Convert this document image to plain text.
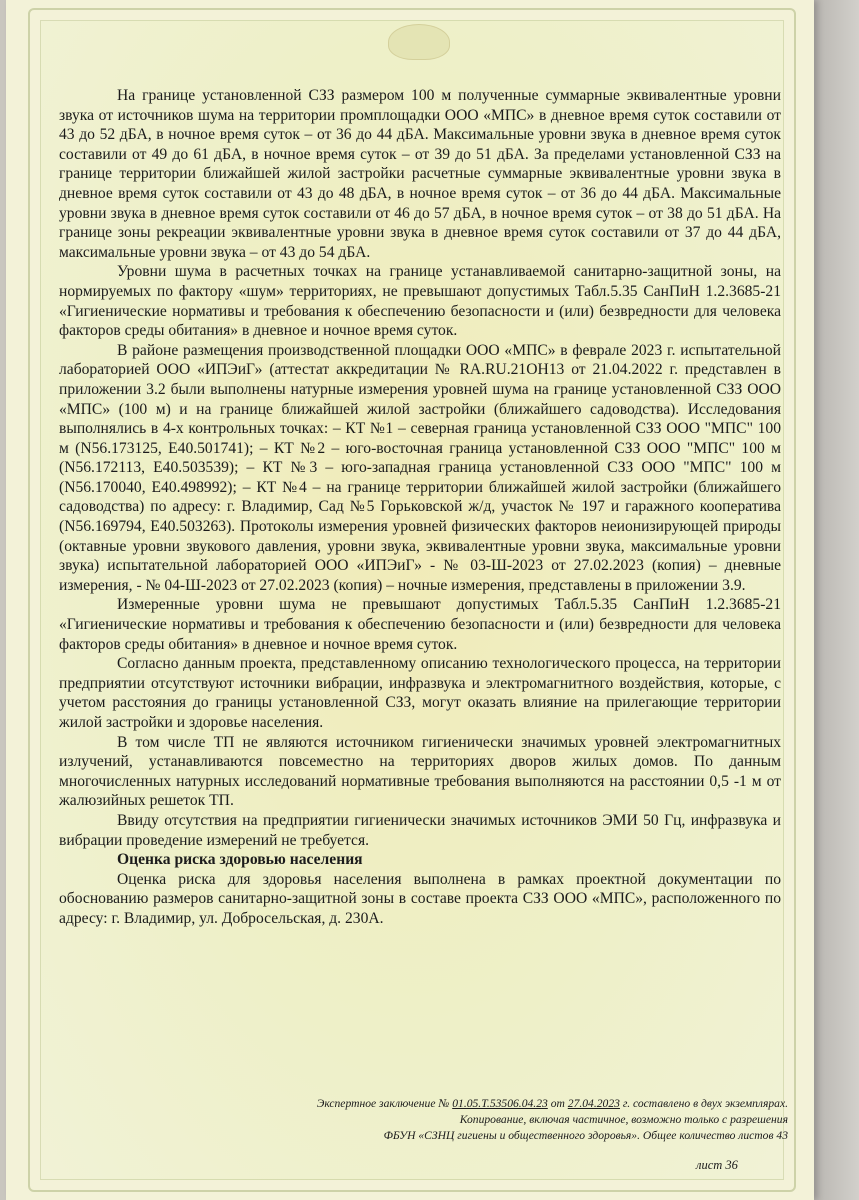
На границе установленной СЗЗ размером 100 м полученные суммарные эквивалентные уровни звука от источников шума на территории промплощадки ООО «МПС» в дневное время суток составили от 43 до 52 дБА, в ночное время суток – от 36 до 44 дБА. Максимальные уровни звука в дневное время суток составили от 49 до 61 дБА, в ночное время суток – от 39 до 51 дБА. За пределами установленной СЗЗ на границе территории ближайшей жилой застройки расчетные суммарные эквивалентные уровни звука в дневное время суток составили от 43 до 48 дБА, в ночное время суток – от 36 до 44 дБА. Максимальные уровни звука в дневное время суток составили от 46 до 57 дБА, в ночное время суток – от 38 до 51 дБА. На границе зоны рекреации эквивалентные уровни звука в дневное время суток составили от 37 до 44 дБА, максимальные уровни звука – от 43 до 54 дБА.

Уровни шума в расчетных точках на границе устанавливаемой санитарно-защитной зоны, на нормируемых по фактору «шум» территориях, не превышают допустимых Табл.5.35 СанПиН 1.2.3685-21 «Гигиенические нормативы и требования к обеспечению безопасности и (или) безвредности для человека факторов среды обитания» в дневное и ночное время суток.

В районе размещения производственной площадки ООО «МПС» в феврале 2023 г. испытательной лабораторией ООО «ИПЭиГ» (аттестат аккредитации № RA.RU.21ОН13 от 21.04.2022 г. представлен в приложении 3.2 были выполнены натурные измерения уровней шума на границе установленной СЗЗ ООО «МПС» (100 м) и на границе ближайшей жилой застройки (ближайшего садоводства). Исследования выполнялись в 4-х контрольных точках: – КТ №1 – северная граница установленной СЗЗ ООО "МПС" 100 м (N56.173125, E40.501741); – КТ №2 – юго-восточная граница установленной СЗЗ ООО "МПС" 100 м (N56.172113, E40.503539); – КТ №3 – юго-западная граница установленной СЗЗ ООО "МПС" 100 м (N56.170040, E40.498992); – КТ №4 – на границе территории ближайшей жилой застройки (ближайшего садоводства) по адресу: г. Владимир, Сад №5 Горьковской ж/д, участок № 197 и гаражного кооператива (N56.169794, E40.503263). Протоколы измерения уровней физических факторов неионизирующей природы (октавные уровни звукового давления, уровни звука, эквивалентные уровни звука, максимальные уровни звука) испытательной лабораторией ООО «ИПЭиГ» - № 03-Ш-2023 от 27.02.2023 (копия) – дневные измерения, - № 04-Ш-2023 от 27.02.2023 (копия) – ночные измерения, представлены в приложении 3.9.

Измеренные уровни шума не превышают допустимых Табл.5.35 СанПиН 1.2.3685-21 «Гигиенические нормативы и требования к обеспечению безопасности и (или) безвредности для человека факторов среды обитания» в дневное и ночное время суток.

Согласно данным проекта, представленному описанию технологического процесса, на территории предприятии отсутствуют источники вибрации, инфразвука и электромагнитного воздействия, которые, с учетом расстояния до границы установленной СЗЗ, могут оказать влияние на прилегающие территории жилой застройки и здоровье населения.

В том числе ТП не являются источником гигиенически значимых уровней электромагнитных излучений, устанавливаются повсеместно на территориях дворов жилых домов. По данным многочисленных натурных исследований нормативные требования выполняются на расстоянии 0,5 -1 м от жалюзийных решеток ТП.

Ввиду отсутствия на предприятии гигиенически значимых источников ЭМИ 50 Гц, инфразвука и вибрации проведение измерений не требуется.

Оценка риска здоровью населения

Оценка риска для здоровья населения выполнена в рамках проектной документации по обоснованию размеров санитарно-защитной зоны в составе проекта СЗЗ ООО «МПС», расположенного по адресу: г. Владимир, ул. Добросельская, д. 230А.

Экспертное заключение № 01.05.Т.53506.04.23 от 27.04.2023 г. составлено в двух экземплярах.
Копирование, включая частичное, возможно только с разрешения
ФБУН «СЗНЦ гигиены и общественного здоровья». Общее количество листов 43
лист 36
